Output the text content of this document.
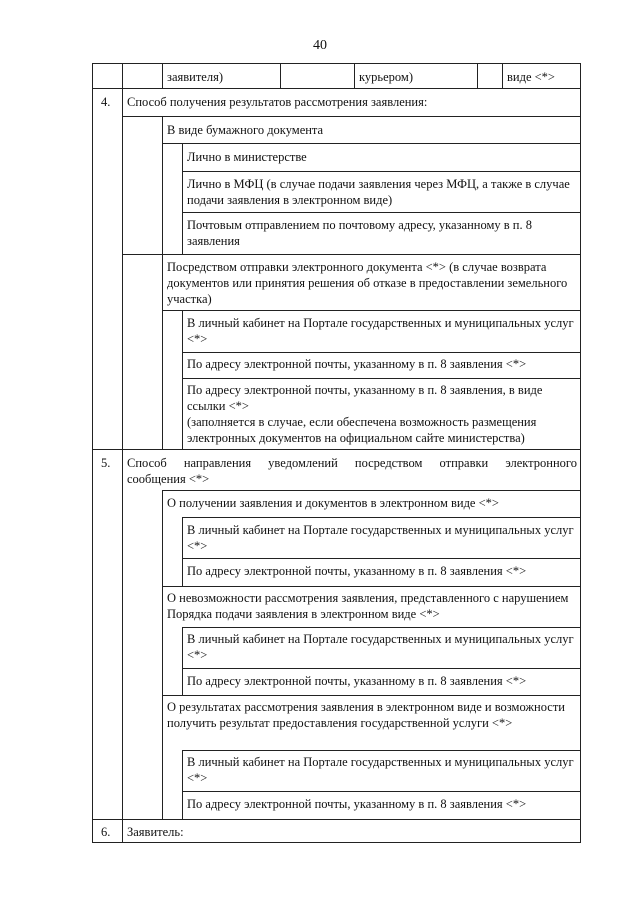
40
заявителя)	курьером)	виде <*>
4. Способ получения результатов рассмотрения заявления:
В виде бумажного документа
Лично в министерстве
Лично в МФЦ (в случае подачи заявления через МФЦ, а также в случае подачи заявления в электронном виде)
Почтовым отправлением по почтовому адресу, указанному в п. 8 заявления
Посредством отправки электронного документа <*> (в случае возврата документов или принятия решения об отказе в предоставлении земельного участка)
В личный кабинет на Портале государственных и муниципальных услуг <*>
По адресу электронной почты, указанному в п. 8 заявления <*>
По адресу электронной почты, указанному в п. 8 заявления, в виде ссылки <*>
(заполняется в случае, если обеспечена возможность размещения электронных документов на официальном сайте министерства)
5. Способ направления уведомлений посредством отправки электронного
сообщения <*>
О получении заявления и документов в электронном виде <*>
В личный кабинет на Портале государственных и муниципальных услуг <*>
По адресу электронной почты, указанному в п. 8 заявления <*>
О невозможности рассмотрения заявления, представленного с нарушением Порядка подачи заявления в электронном виде <*>
В личный кабинет на Портале государственных и муниципальных услуг <*>
По адресу электронной почты, указанному в п. 8 заявления <*>
О результатах рассмотрения заявления в электронном виде и возможности получить результат предоставления государственной услуги <*>
В личный кабинет на Портале государственных и муниципальных услуг <*>
По адресу электронной почты, указанному в п. 8 заявления <*>
6. Заявитель:
